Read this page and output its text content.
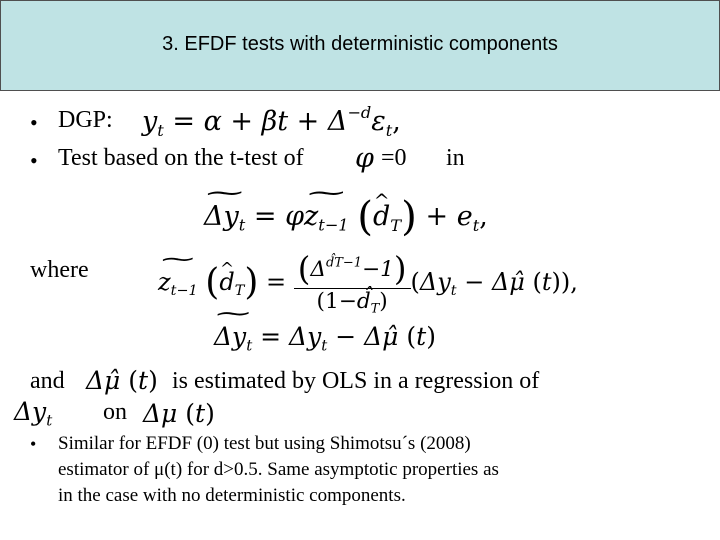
3. EFDF tests with deterministic components
• DGP: $y_t = \alpha + \beta t + \Delta^{-d}\varepsilon_t$,
• Test based on the t-test of φ =0 in
~ $\Delta y_t$ = φ~ $z_{t-1}$ (^ $d_T) + e_t$,
where
~	$z_{t-1}$ (^ $d_T) = \frac{(\Delta^{d̂T-1}-1)}{(1-d̂_T)} (\Delta y_t$ − Δμ̂ (t)),
~ $\Delta y_t = \Delta y_t$ − Δμ̂ (t)
and Δμ̂ (t) is estimated by OLS in a regression of
$\Delta y_t$ on Δμ (t)
• Similar for EFDF (0) test but using Shimotsu´s (2008)
estimator of μ(t) for d>0.5. Same asymptotic properties as
in the case with no deterministic components.
